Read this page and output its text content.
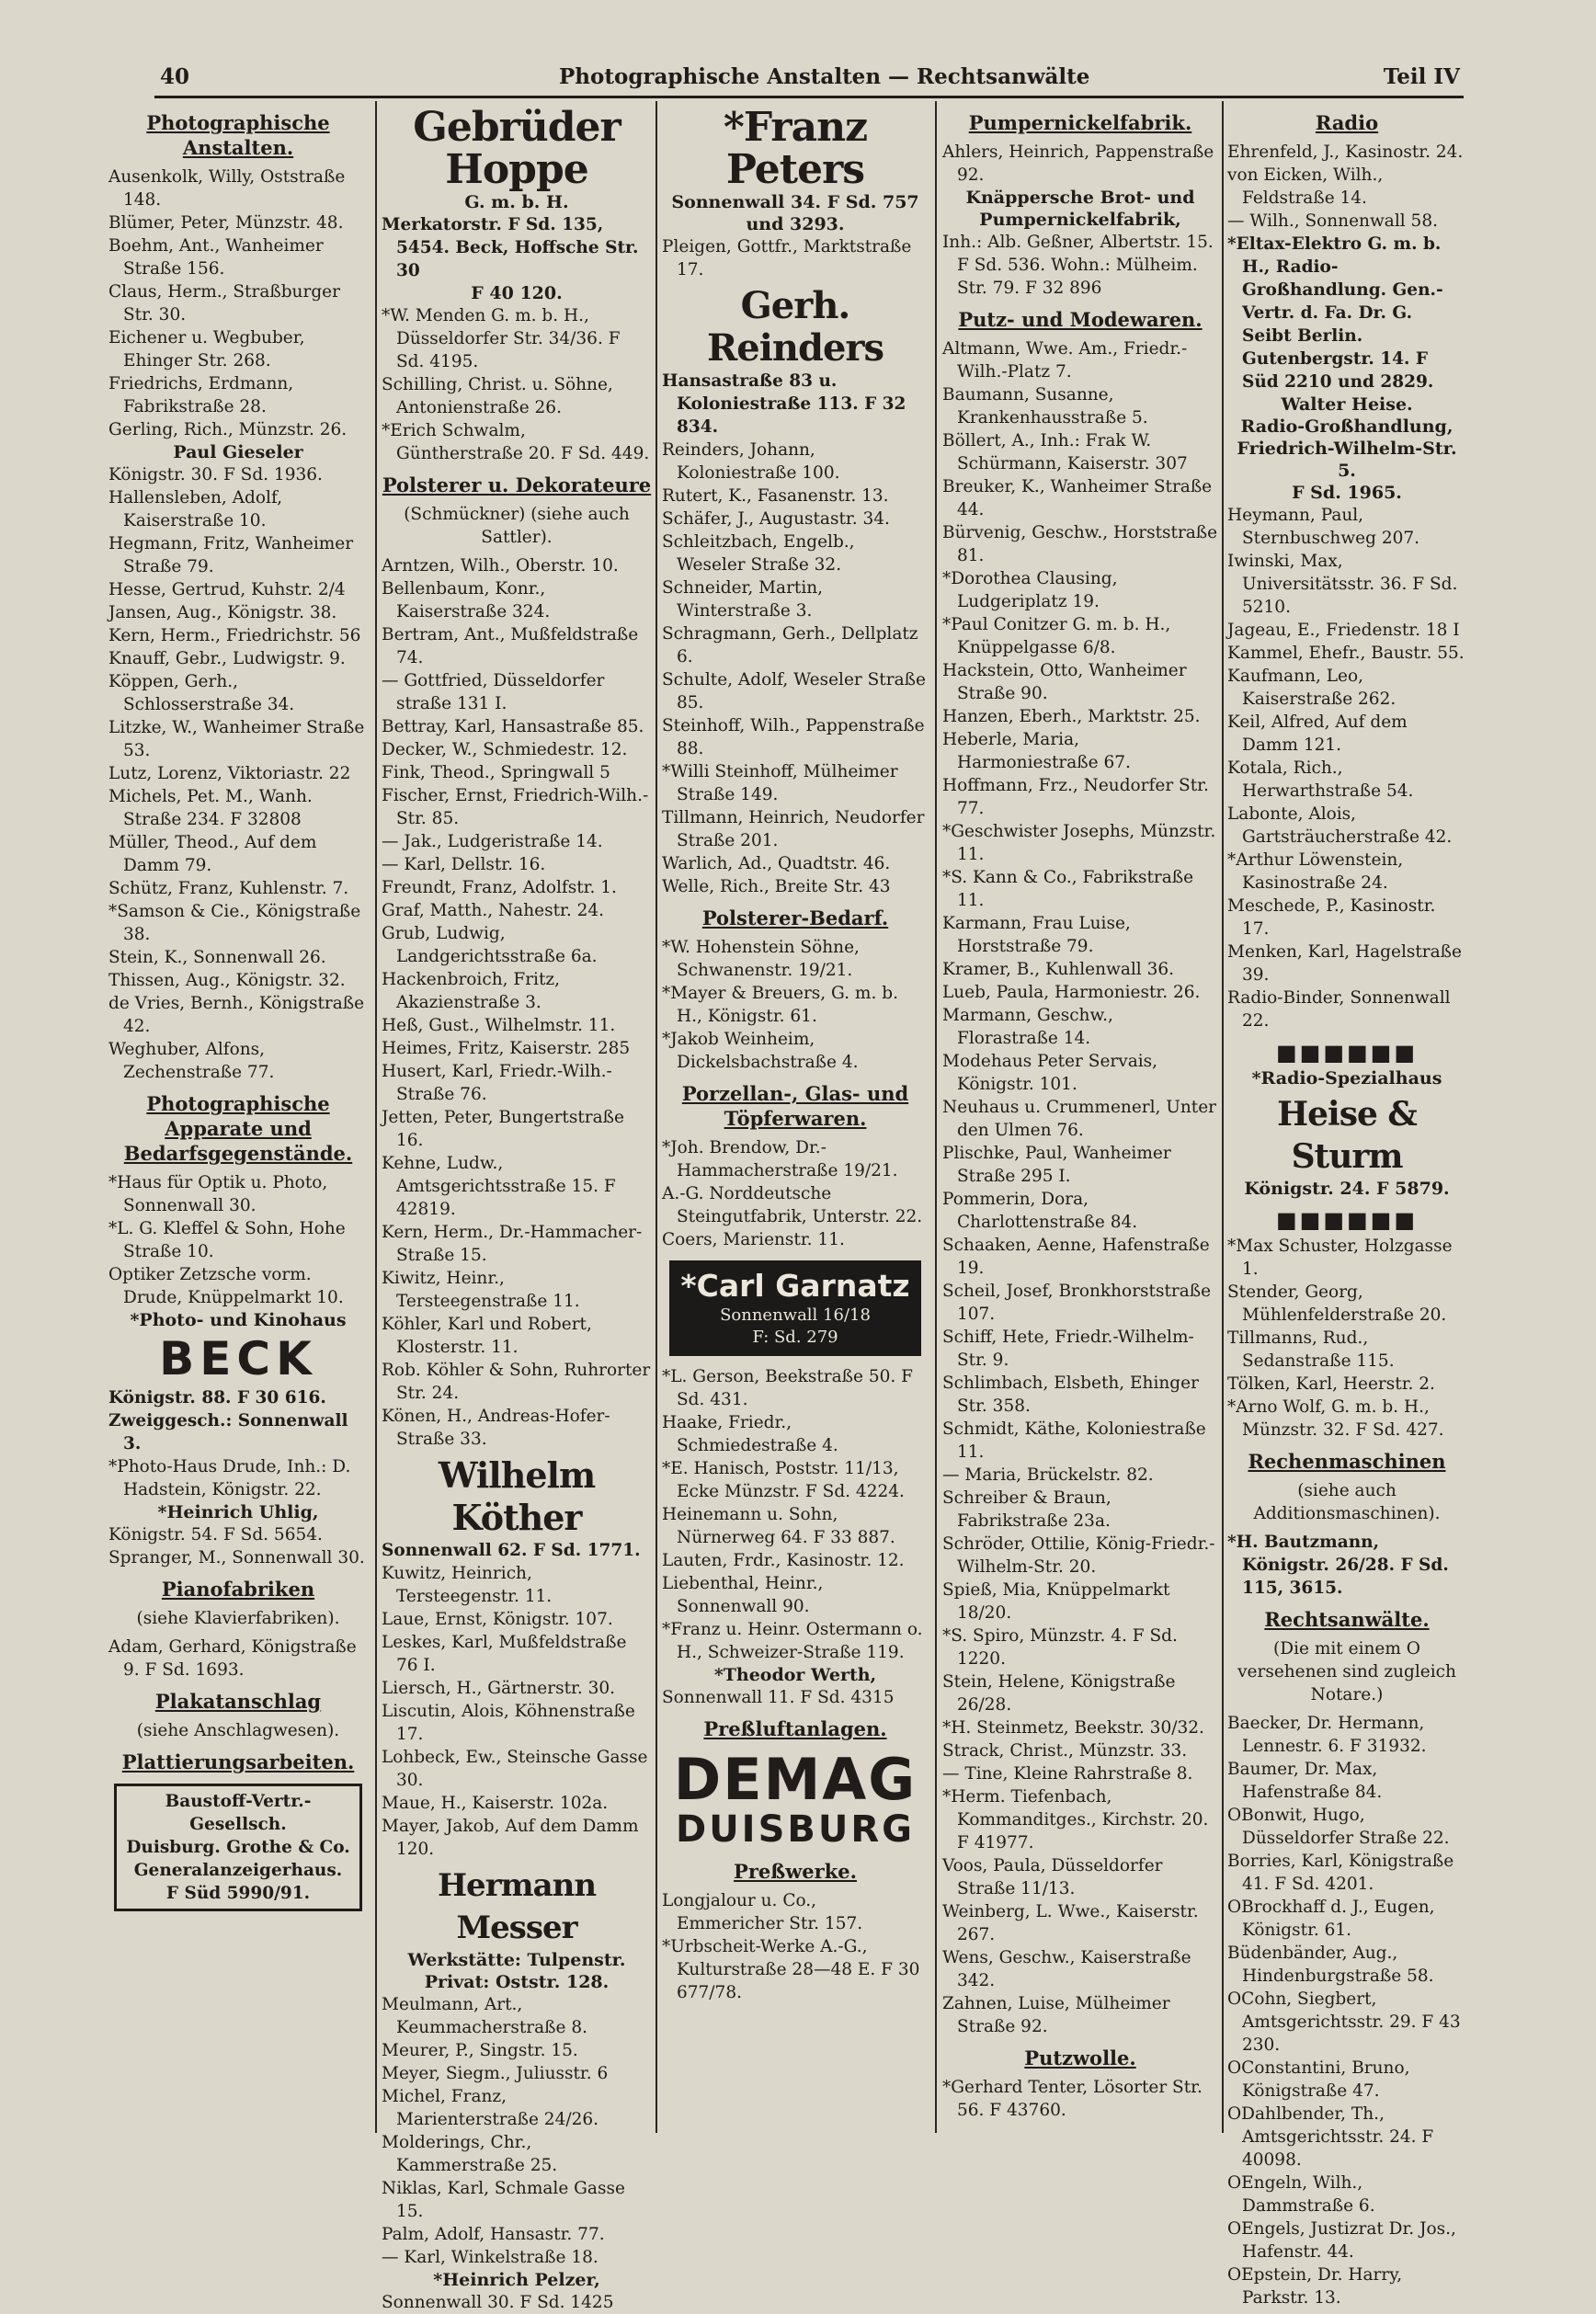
40	Photographische Anstalten — Rechtsanwälte	Teil IV
Photographische Anstalten.

Ausenkolk, Willy, Oststraße 148.

Blümer, Peter, Münzstr. 48.

Boehm, Ant., Wanheimer Straße 156.

Claus, Herm., Straßburger Str. 30.

Eichener u. Wegbuber, Ehinger Str. 268.

Friedrichs, Erdmann, Fabrikstraße 28.

Gerling, Rich., Münzstr. 26.

Paul Gieseler

Königstr. 30. F Sd. 1936.

Hallensleben, Adolf, Kaiserstraße 10.

Hegmann, Fritz, Wanheimer Straße 79.

Hesse, Gertrud, Kuhstr. 2/4

Jansen, Aug., Königstr. 38.

Kern, Herm., Friedrichstr. 56

Knauff, Gebr., Ludwigstr. 9.

Köppen, Gerh., Schlosserstraße 34.

Litzke, W., Wanheimer Straße 53.

Lutz, Lorenz, Viktoriastr. 22

Michels, Pet. M., Wanh. Straße 234. F 32808

Müller, Theod., Auf dem Damm 79.

Schütz, Franz, Kuhlenstr. 7.

*Samson & Cie., Königstraße 38.

Stein, K., Sonnenwall 26.

Thissen, Aug., Königstr. 32.

de Vries, Bernh., Königstraße 42.

Weghuber, Alfons, Zechenstraße 77.

Photographische Apparate und Bedarfsgegenstände.

*Haus für Optik u. Photo, Sonnenwall 30.

*L. G. Kleffel & Sohn, Hohe Straße 10.

Optiker Zetzsche vorm. Drude, Knüppelmarkt 10.

*Photo- und Kinohaus
BECK

Königstr. 88. F 30 616.

Zweiggesch.: Sonnenwall 3.

*Photo-Haus Drude, Inh.: D. Hadstein, Königstr. 22.

*Heinrich Uhlig,

Königstr. 54. F Sd. 5654.

Spranger, M., Sonnenwall 30.

Pianofabriken
(siehe Klavierfabriken).

Adam, Gerhard, Königstraße 9. F Sd. 1693.

Plakatanschlag
(siehe Anschlagwesen).
Plattierungsarbeiten.
Baustoff-Vertr.-Gesellsch.
Duisburg. Grothe & Co.
Generalanzeigerhaus.
F Süd 5990/91.
Gebrüder Hoppe
G. m. b. H.

Merkatorstr. F Sd. 135, 5454. Beck, Hoffsche Str. 30

F 40 120.

*W. Menden G. m. b. H., Düsseldorfer Str. 34/36. F Sd. 4195.

Schilling, Christ. u. Söhne, Antonienstraße 26.

*Erich Schwalm, Güntherstraße 20. F Sd. 449.

Polsterer u. Dekorateure
(Schmückner) (siehe auch Sattler).

Arntzen, Wilh., Oberstr. 10.

Bellenbaum, Konr., Kaiserstraße 324.

Bertram, Ant., Mußfeldstraße 74.

— Gottfried, Düsseldorfer straße 131 I.

Bettray, Karl, Hansastraße 85.

Decker, W., Schmiedestr. 12.

Fink, Theod., Springwall 5

Fischer, Ernst, Friedrich-Wilh.-Str. 85.

— Jak., Ludgeristraße 14.

— Karl, Dellstr. 16.

Freundt, Franz, Adolfstr. 1.

Graf, Matth., Nahestr. 24.

Grub, Ludwig, Landgerichtsstraße 6a.

Hackenbroich, Fritz, Akazienstraße 3.

Heß, Gust., Wilhelmstr. 11.

Heimes, Fritz, Kaiserstr. 285

Husert, Karl, Friedr.-Wilh.-Straße 76.

Jetten, Peter, Bungertstraße 16.

Kehne, Ludw., Amtsgerichtsstraße 15. F 42819.

Kern, Herm., Dr.-Hammacher-Straße 15.

Kiwitz, Heinr., Tersteegenstraße 11.

Köhler, Karl und Robert, Klosterstr. 11.

Rob. Köhler & Sohn, Ruhrorter Str. 24.

Könen, H., Andreas-Hofer-Straße 33.

Wilhelm Köther

Sonnenwall 62. F Sd. 1771.

Kuwitz, Heinrich, Tersteegenstr. 11.

Laue, Ernst, Königstr. 107.

Leskes, Karl, Mußfeldstraße 76 I.

Liersch, H., Gärtnerstr. 30.

Liscutin, Alois, Köhnenstraße 17.

Lohbeck, Ew., Steinsche Gasse 30.

Maue, H., Kaiserstr. 102a.

Mayer, Jakob, Auf dem Damm 120.

Hermann Messer
Werkstätte: Tulpenstr.
Privat: Oststr. 128.

Meulmann, Art., Keummacherstraße 8.

Meurer, P., Singstr. 15.

Meyer, Siegm., Juliusstr. 6

Michel, Franz, Marienterstraße 24/26.

Molderings, Chr., Kammerstraße 25.

Niklas, Karl, Schmale Gasse 15.

Palm, Adolf, Hansastr. 77.

— Karl, Winkelstraße 18.

*Heinrich Pelzer,

Sonnenwall 30. F Sd. 1425

*Franz Peters
Sonnenwall 34. F Sd. 757 und 3293.

Pleigen, Gottfr., Marktstraße 17.

Gerh. Reinders

Hansastraße 83 u. Koloniestraße 113. F 32 834.

Reinders, Johann, Koloniestraße 100.

Rutert, K., Fasanenstr. 13.

Schäfer, J., Augustastr. 34.

Schleitzbach, Engelb., Weseler Straße 32.

Schneider, Martin, Winterstraße 3.

Schragmann, Gerh., Dellplatz 6.

Schulte, Adolf, Weseler Straße 85.

Steinhoff, Wilh., Pappenstraße 88.

*Willi Steinhoff, Mülheimer Straße 149.

Tillmann, Heinrich, Neudorfer Straße 201.

Warlich, Ad., Quadtstr. 46.

Welle, Rich., Breite Str. 43

Polsterer-Bedarf.

*W. Hohenstein Söhne, Schwanenstr. 19/21.

*Mayer & Breuers, G. m. b. H., Königstr. 61.

*Jakob Weinheim, Dickelsbachstraße 4.

Porzellan-, Glas- und Töpferwaren.

*Joh. Brendow, Dr.-Hammacherstraße 19/21.

A.-G. Norddeutsche Steingutfabrik, Unterstr. 22.

Coers, Marienstr. 11.

*Carl Garnatz
Sonnenwall 16/18
F: Sd. 279

*L. Gerson, Beekstraße 50. F Sd. 431.

Haake, Friedr., Schmiedestraße 4.

*E. Hanisch, Poststr. 11/13, Ecke Münzstr. F Sd. 4224.

Heinemann u. Sohn, Nürnerweg 64. F 33 887.

Lauten, Frdr., Kasinostr. 12.

Liebenthal, Heinr., Sonnenwall 90.

*Franz u. Heinr. Ostermann o. H., Schweizer-Straße 119.

*Theodor Werth,

Sonnenwall 11. F Sd. 4315

Preßluftanlagen.
DEMAG
DUISBURG
Preßwerke.

Longjalour u. Co., Emmericher Str. 157.

*Urbscheit-Werke A.-G., Kulturstraße 28—48 E. F 30 677/78.

Pumpernickelfabrik.

Ahlers, Heinrich, Pappenstraße 92.

Knäppersche Brot- und Pumpernickelfabrik,

Inh.: Alb. Geßner, Albertstr. 15. F Sd. 536. Wohn.: Mülheim. Str. 79. F 32 896

Putz- und Modewaren.

Altmann, Wwe. Am., Friedr.-Wilh.-Platz 7.

Baumann, Susanne, Krankenhausstraße 5.

Böllert, A., Inh.: Frak W. Schürmann, Kaiserstr. 307

Breuker, K., Wanheimer Straße 44.

Bürvenig, Geschw., Horststraße 81.

*Dorothea Clausing, Ludgeriplatz 19.

*Paul Conitzer G. m. b. H., Knüppelgasse 6/8.

Hackstein, Otto, Wanheimer Straße 90.

Hanzen, Eberh., Marktstr. 25.

Heberle, Maria, Harmoniestraße 67.

Hoffmann, Frz., Neudorfer Str. 77.

*Geschwister Josephs, Münzstr. 11.

*S. Kann & Co., Fabrikstraße 11.

Karmann, Frau Luise, Horststraße 79.

Kramer, B., Kuhlenwall 36.

Lueb, Paula, Harmoniestr. 26.

Marmann, Geschw., Florastraße 14.

Modehaus Peter Servais, Königstr. 101.

Neuhaus u. Crummenerl, Unter den Ulmen 76.

Plischke, Paul, Wanheimer Straße 295 I.

Pommerin, Dora, Charlottenstraße 84.

Schaaken, Aenne, Hafenstraße 19.

Scheil, Josef, Bronkhorststraße 107.

Schiff, Hete, Friedr.-Wilhelm-Str. 9.

Schlimbach, Elsbeth, Ehinger Str. 358.

Schmidt, Käthe, Koloniestraße 11.

— Maria, Brückelstr. 82.

Schreiber & Braun, Fabrikstraße 23a.

Schröder, Ottilie, König-Friedr.-Wilhelm-Str. 20.

Spieß, Mia, Knüppelmarkt 18/20.

*S. Spiro, Münzstr. 4. F Sd. 1220.

Stein, Helene, Königstraße 26/28.

*H. Steinmetz, Beekstr. 30/32.

Strack, Christ., Münzstr. 33.

— Tine, Kleine Rahrstraße 8.

*Herm. Tiefenbach, Kommanditges., Kirchstr. 20. F 41977.

Voos, Paula, Düsseldorfer Straße 11/13.

Weinberg, L. Wwe., Kaiserstr. 267.

Wens, Geschw., Kaiserstraße 342.

Zahnen, Luise, Mülheimer Straße 92.

Putzwolle.

*Gerhard Tenter, Lösorter Str. 56. F 43760.

Radio

Ehrenfeld, J., Kasinostr. 24.

von Eicken, Wilh., Feldstraße 14.

— Wilh., Sonnenwall 58.

*Eltax-Elektro G. m. b. H., Radio-Großhandlung. Gen.-Vertr. d. Fa. Dr. G. Seibt Berlin. Gutenbergstr. 14. F Süd 2210 und 2829.

Walter Heise.
Radio-Großhandlung,
Friedrich-Wilhelm-Str. 5.
F Sd. 1965.

Heymann, Paul, Sternbuschweg 207.

Iwinski, Max, Universitätsstr. 36. F Sd. 5210.

Jageau, E., Friedenstr. 18 I

Kammel, Ehefr., Baustr. 55.

Kaufmann, Leo, Kaiserstraße 262.

Keil, Alfred, Auf dem Damm 121.

Kotala, Rich., Herwarthstraße 54.

Labonte, Alois, Gartsträucherstraße 42.

*Arthur Löwenstein, Kasinostraße 24.

Meschede, P., Kasinostr. 17.

Menken, Karl, Hagelstraße 39.

Radio-Binder, Sonnenwall 22.

■■■■■■
*Radio-Spezialhaus
Heise & Sturm
Königstr. 24. F 5879.
■■■■■■

*Max Schuster, Holzgasse 1.

Stender, Georg, Mühlenfelderstraße 20.

Tillmanns, Rud., Sedanstraße 115.

Tölken, Karl, Heerstr. 2.

*Arno Wolf, G. m. b. H., Münzstr. 32. F Sd. 427.

Rechenmaschinen
(siehe auch Additionsmaschinen).

*H. Bautzmann, Königstr. 26/28. F Sd. 115, 3615.

Rechtsanwälte.
(Die mit einem O versehenen sind zugleich Notare.)

Baecker, Dr. Hermann, Lennestr. 6. F 31932.

Baumer, Dr. Max, Hafenstraße 84.

OBonwit, Hugo, Düsseldorfer Straße 22.

Borries, Karl, Königstraße 41. F Sd. 4201.

OBrockhaff d. J., Eugen, Königstr. 61.

Büdenbänder, Aug., Hindenburgstraße 58.

OCohn, Siegbert, Amtsgerichtsstr. 29. F 43 230.

OConstantini, Bruno, Königstraße 47.

ODahlbender, Th., Amtsgerichtsstr. 24. F 40098.

OEngeln, Wilh., Dammstraße 6.

OEngels, Justizrat Dr. Jos., Hafenstr. 44.

OEpstein, Dr. Harry, Parkstr. 13.
